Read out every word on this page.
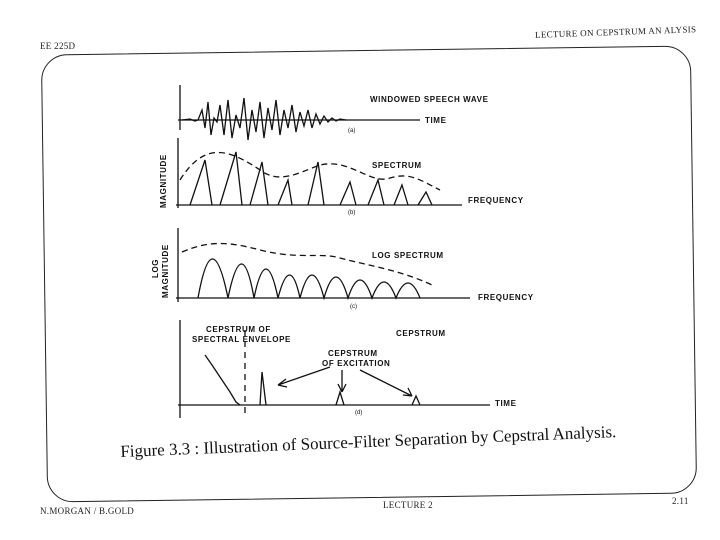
EE 225D
LECTURE ON CEPSTRUM AN ALYSIS
WINDOWED SPEECH WAVE
TIME
(a)
MAGNITUDE	SPECTRUM
FREQUENCY
(b)
LOG MAGNITUDE	LOG SPECTRUM
FREQUENCY
(c)
CEPSTRUM OF
SPECTRAL ENVELOPE
CEPSTRUM
CEPSTRUM
OF EXCITATION
TIME
(d)
Figure 3.3 : Illustration of Source-Filter Separation by Cepstral Analysis.
N.MORGAN / B.GOLD
LECTURE 2	2.11
